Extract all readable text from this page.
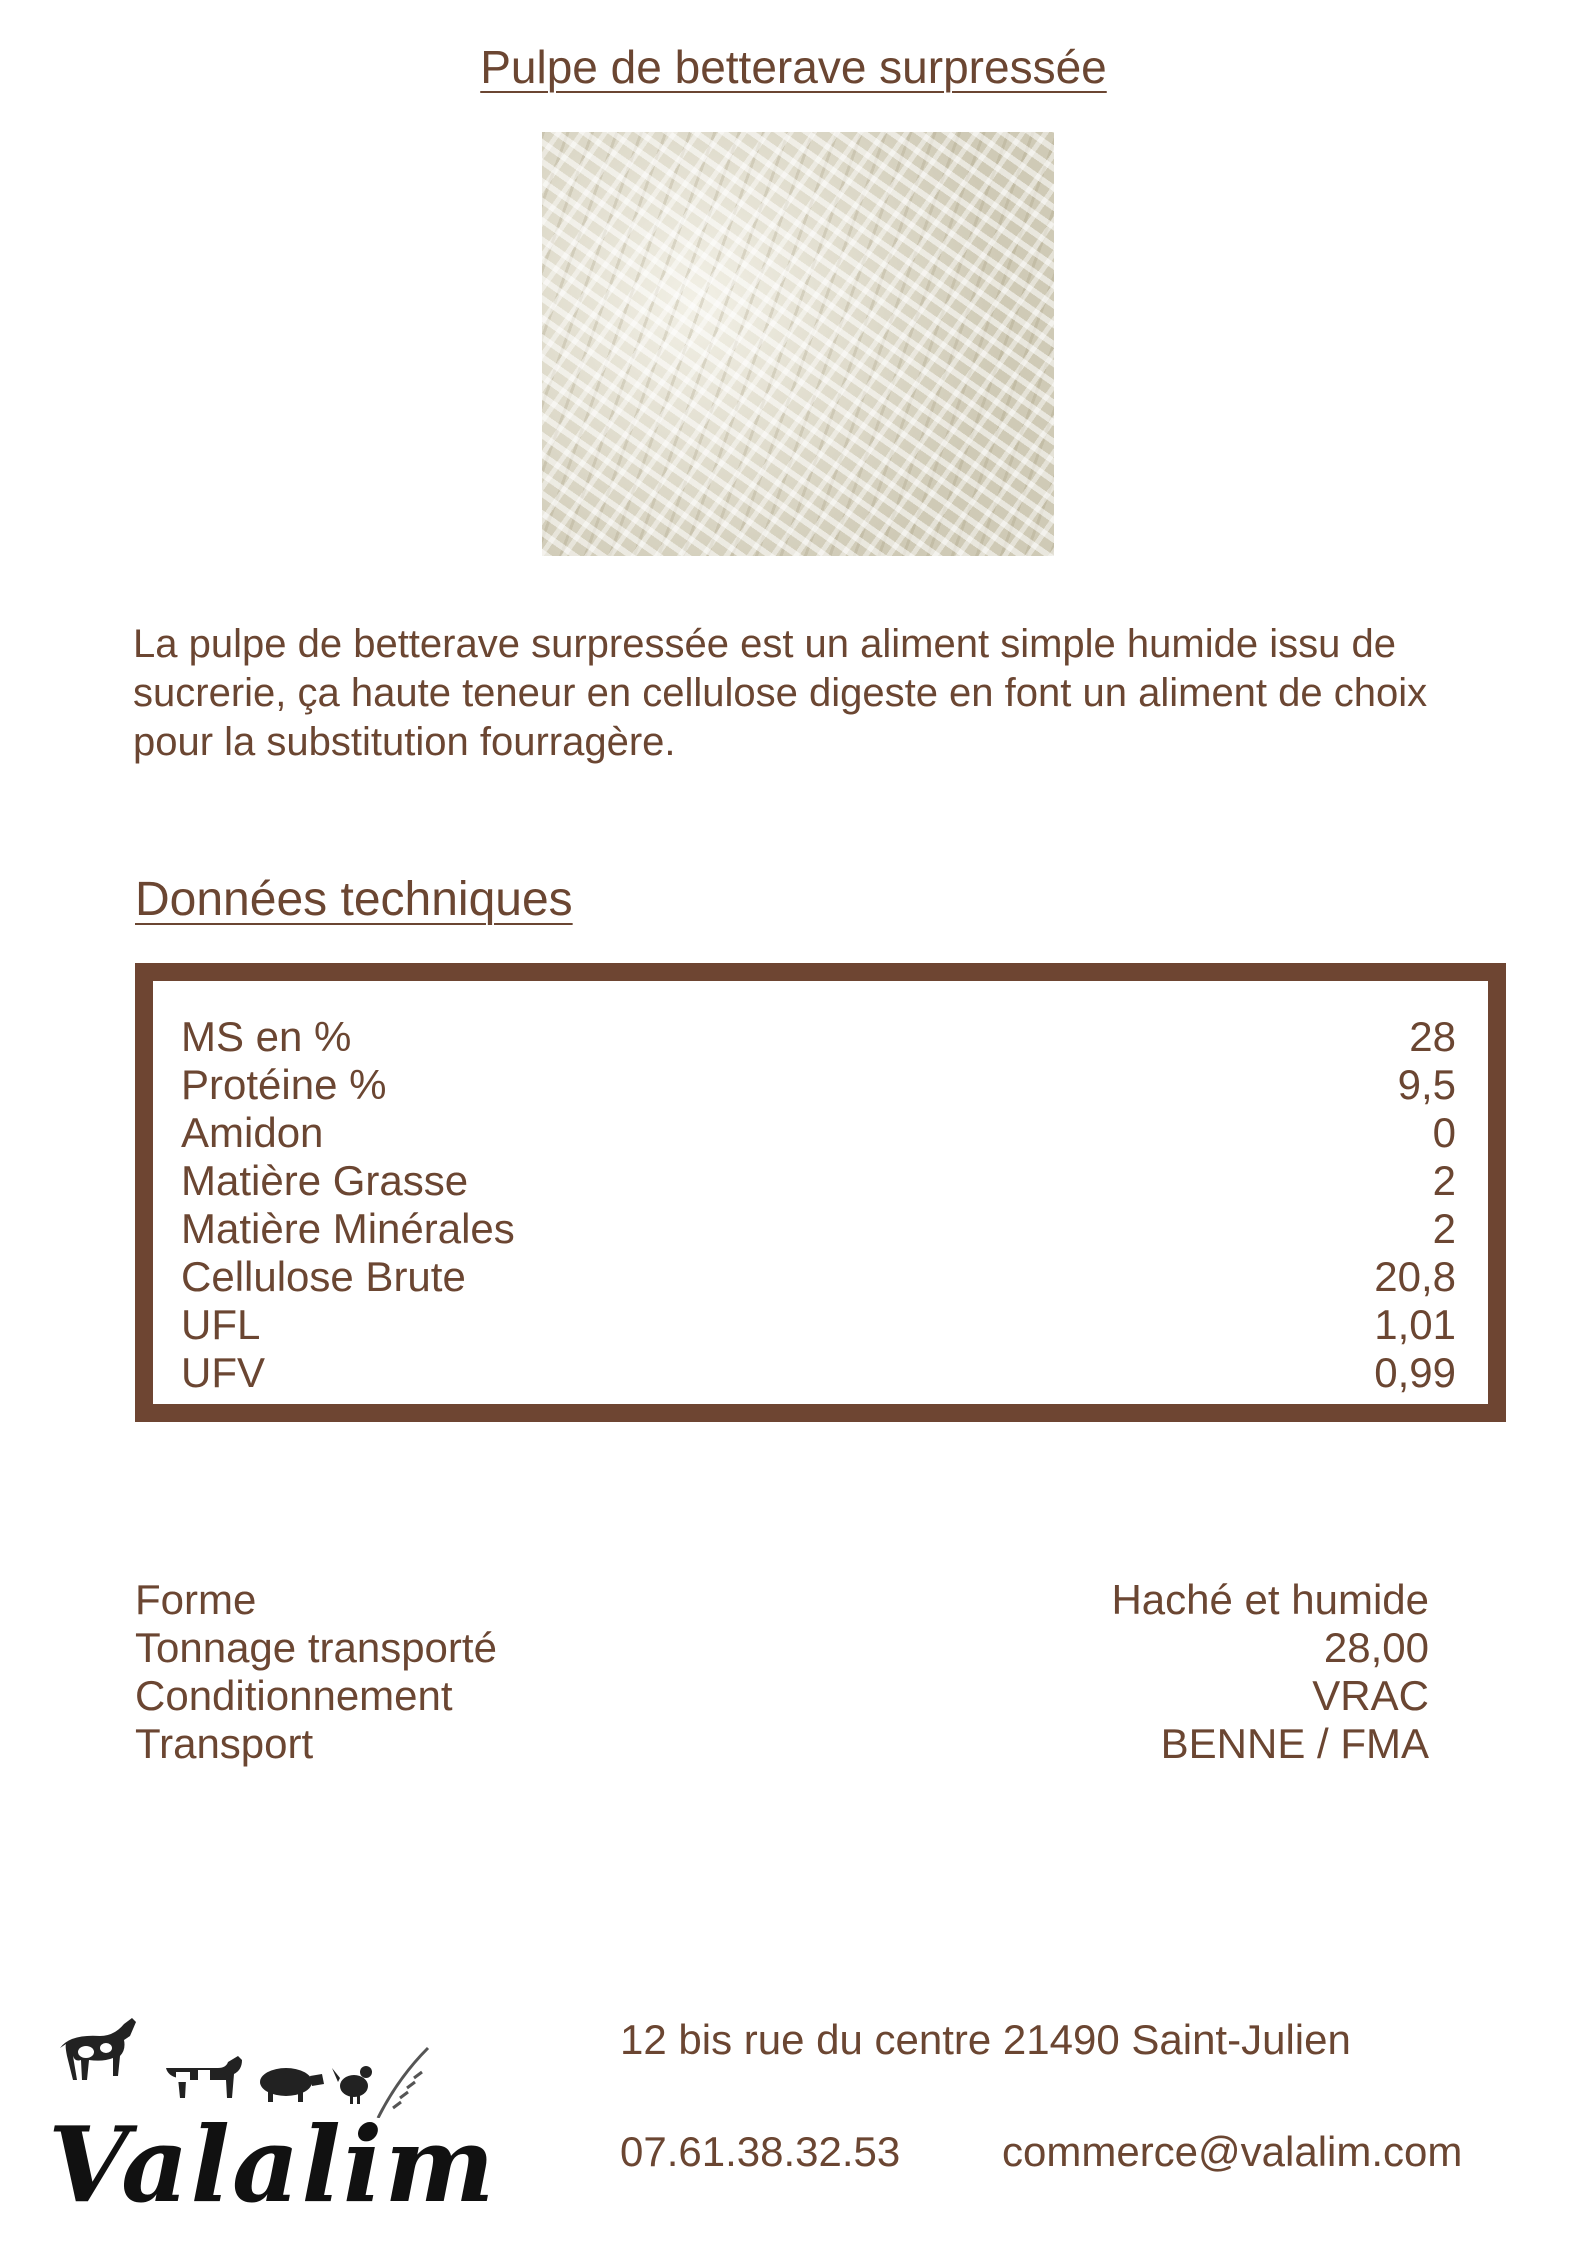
Pulpe de betterave surpressée
La pulpe de betterave surpressée est un aliment simple humide issu de sucrerie, ça haute teneur en cellulose digeste en font un aliment de choix pour la substitution fourragère.
Données techniques
MS en %	28
Protéine %	9,5
Amidon	0
Matière Grasse	2
Matière Minérales	2
Cellulose Brute	20,8
UFL	1,01
UFV	0,99
Forme	Haché et humide
Tonnage transporté	28,00
Conditionnement	VRAC
Transport	BENNE / FMA
Valalim
12 bis rue du centre 21490 Saint-Julien
07.61.38.32.53 commerce@valalim.com
